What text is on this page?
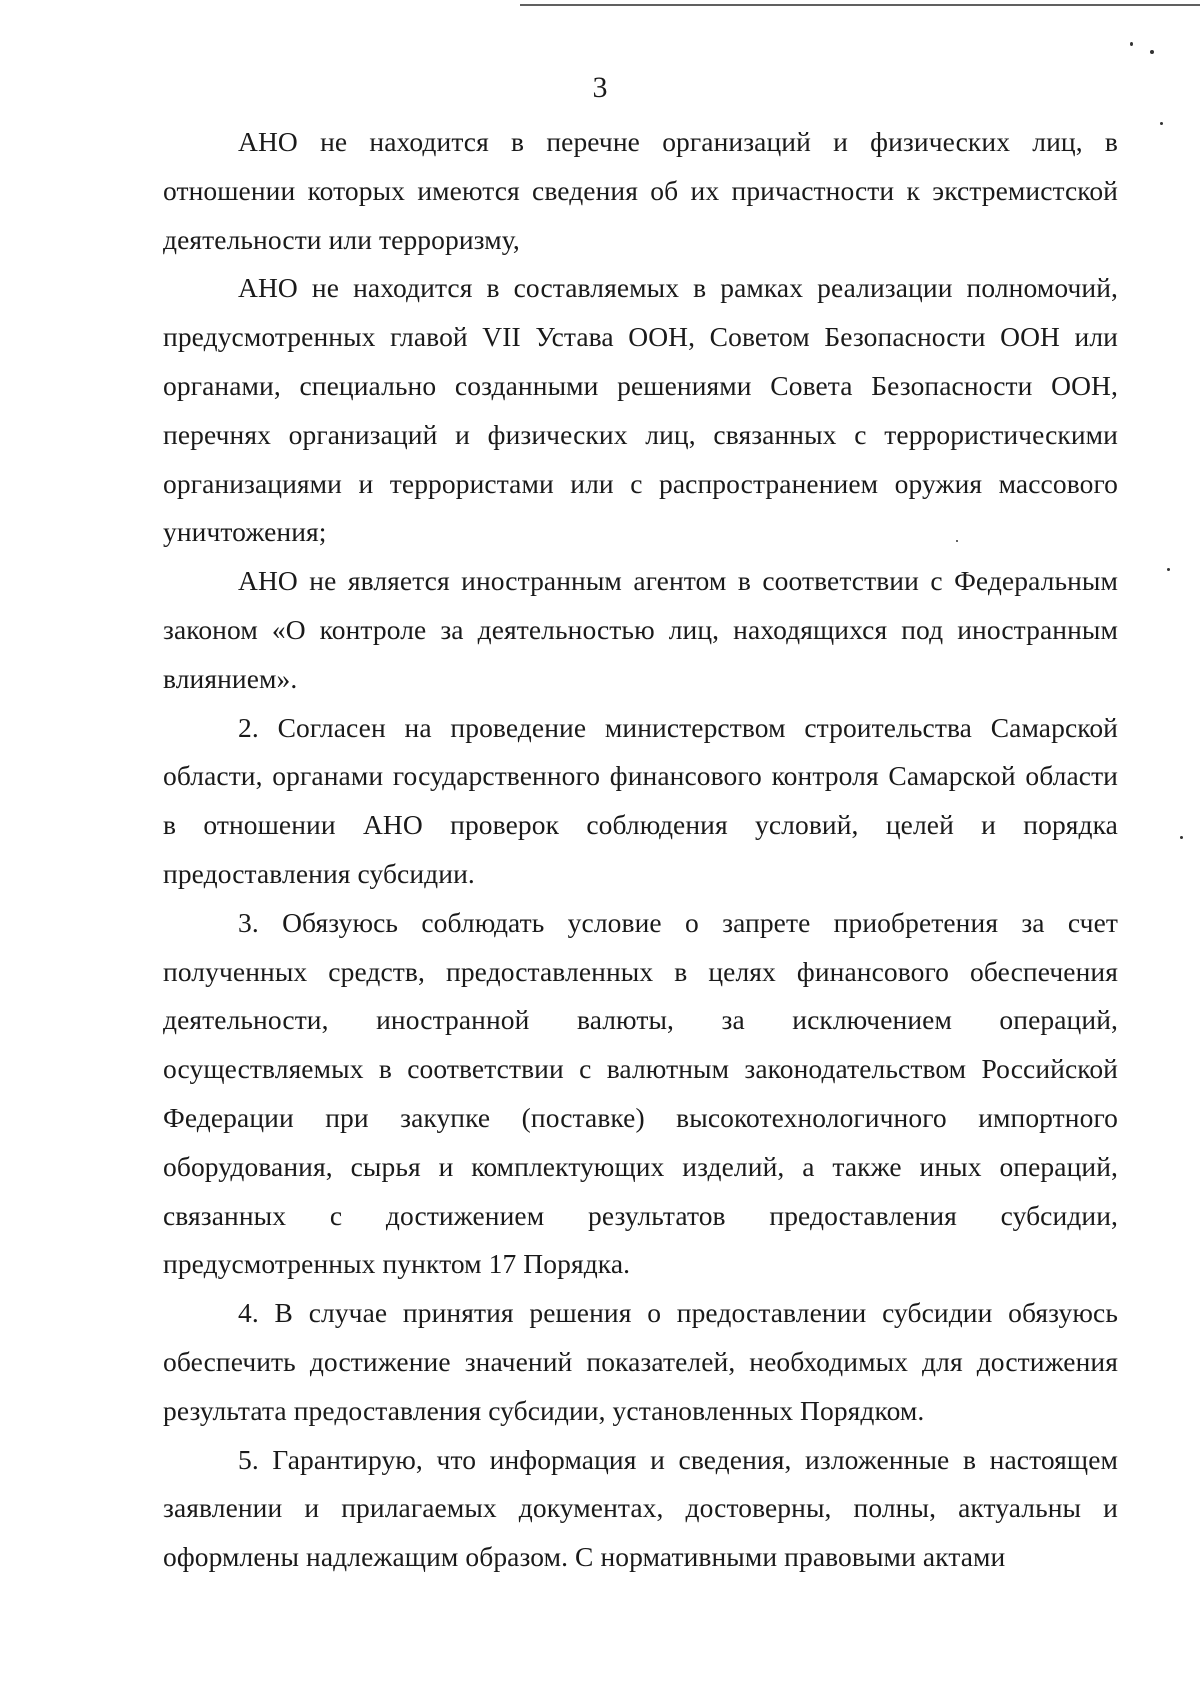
3

АНО не находится в перечне организаций и физических лиц, в отношении которых имеются сведения об их причастности к экстремистской деятельности или терроризму,

АНО не находится в составляемых в рамках реализации полномочий, предусмотренных главой VII Устава ООН, Советом Безопасности ООН или органами, специально созданными решениями Совета Безопасности ООН, перечнях организаций и физических лиц, связанных с террористическими организациями и террористами или с распространением оружия массового уничтожения;

АНО не является иностранным агентом в соответствии с Федеральным законом «О контроле за деятельностью лиц, находящихся под иностранным влиянием».

2. Согласен на проведение министерством строительства Самарской области, органами государственного финансового контроля Самарской области в отношении АНО проверок соблюдения условий, целей и порядка предоставления субсидии.

3. Обязуюсь соблюдать условие о запрете приобретения за счет полученных средств, предоставленных в целях финансового обеспечения деятельности, иностранной валюты, за исключением операций, осуществляемых в соответствии с валютным законодательством Российской Федерации при закупке (поставке) высокотехнологичного импортного оборудования, сырья и комплектующих изделий, а также иных операций, связанных с достижением результатов предоставления субсидии, предусмотренных пунктом 17 Порядка.

4. В случае принятия решения о предоставлении субсидии обязуюсь обеспечить достижение значений показателей, необходимых для достижения результата предоставления субсидии, установленных Порядком.

5. Гарантирую, что информация и сведения, изложенные в настоящем заявлении и прилагаемых документах, достоверны, полны, актуальны и оформлены надлежащим образом. С нормативными правовыми актами
